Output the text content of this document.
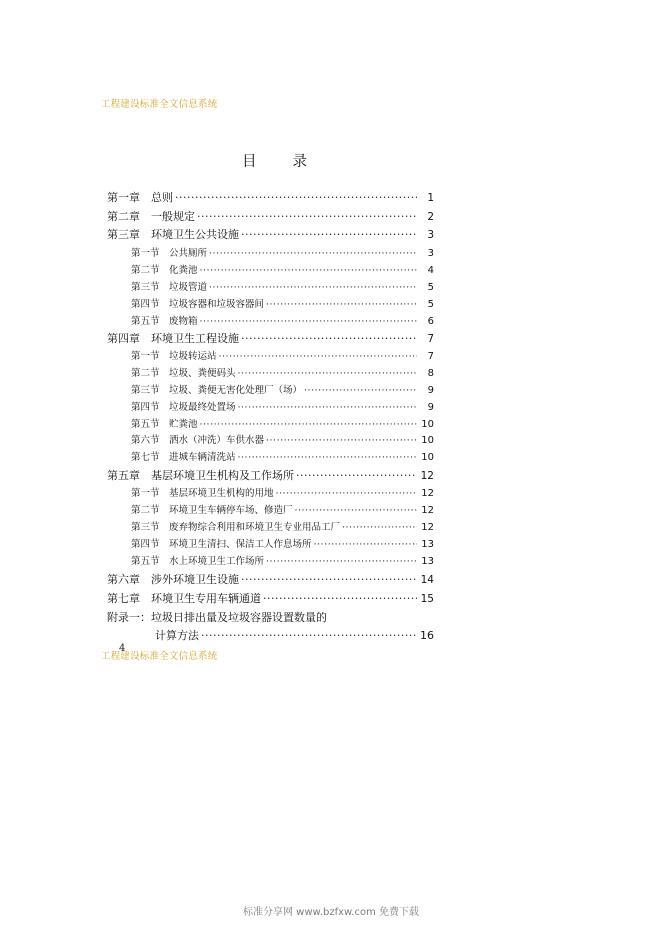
工程建设标准全文信息系统
目 录
第一章　总则 ·····	1
第二章　一般规定 ·····	2
第三章　环境卫生公共设施 ·····	3
第一节　公共厕所 ·····	3
第二节　化粪池 ·····	4
第三节　垃圾管道 ·····	5
第四节　垃圾容器和垃圾容器间 ·····	5
第五节　废物箱 ·····	6
第四章　环境卫生工程设施 ·····	7
第一节　垃圾转运站 ·····	7
第二节　垃圾、粪便码头 ·····	8
第三节　垃圾、粪便无害化处理厂（场） ·····	9
第四节　垃圾最终处置场 ·····	9
第五节　贮粪池 ·····	10
第六节　洒水（冲洗）车供水器 ·····	10
第七节　进城车辆清洗站 ·····	10
第五章　基层环境卫生机构及工作场所 ·····	12
第一节　基层环境卫生机构的用地 ·····	12
第二节　环境卫生车辆停车场、修造厂 ·····	12
第三节　废弃物综合利用和环境卫生专业用品工厂 ·····	12
第四节　环境卫生清扫、保洁工人作息场所 ·····	13
第五节　水上环境卫生工作场所 ·····	13
第六章　涉外环境卫生设施 ·····	14
第七章　环境卫生专用车辆通道 ·····	15
附录一：垃圾日排出量及垃圾容器设置数量的
计算方法 ·····	16
工程建设标准全文信息系统
4
标准分享网 www.bzfxw.com 免费下载
